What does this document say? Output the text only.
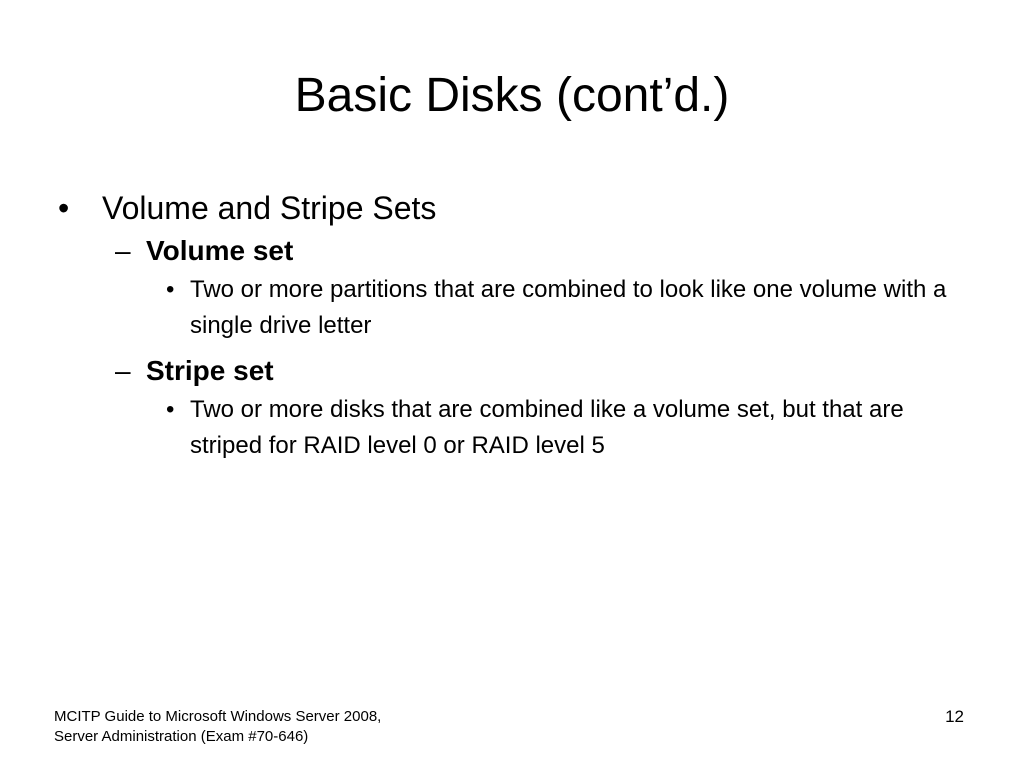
Basic Disks (cont’d.)
•	Volume and Stripe Sets
– Volume set
• Two or more partitions that are combined to look like one volume with a single drive letter
– Stripe set
• Two or more disks that are combined like a volume set, but that are striped for RAID level 0 or RAID level 5
MCITP Guide to Microsoft Windows Server 2008,
Server Administration (Exam #70-646)
12
